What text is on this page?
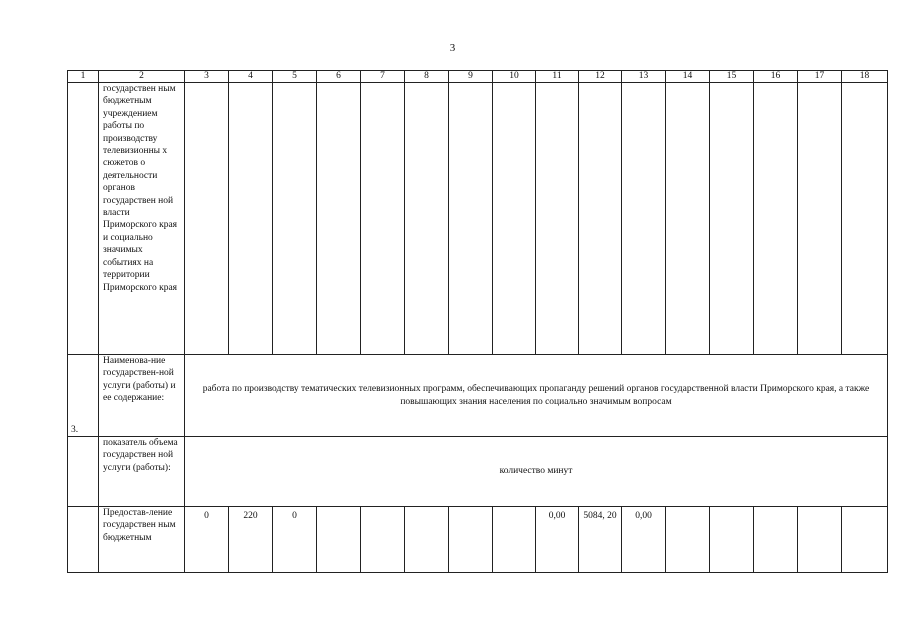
3
1	2	3	4	5	6	7	8	9	10	11	12	13	14	15	16	17	18
	государствен ным бюджетным учреждением работы по производству телевизионны х сюжетов о деятельности органов государствен ной власти Приморского края и социально значимых событиях на территории Приморского края																
3.	Наименова-ние государствен-ной услуги (работы) и ее содержание:	работа по производству тематических телевизионных программ, обеспечивающих пропаганду решений органов государственной власти Приморского края, а также повышающих знания населения по социально значимым вопросам															
	показатель объема государствен ной услуги (работы):	количество минут															
	Предостав-ление государствен ным бюджетным	0	220	0						0,00	5084, 20	0,00					
